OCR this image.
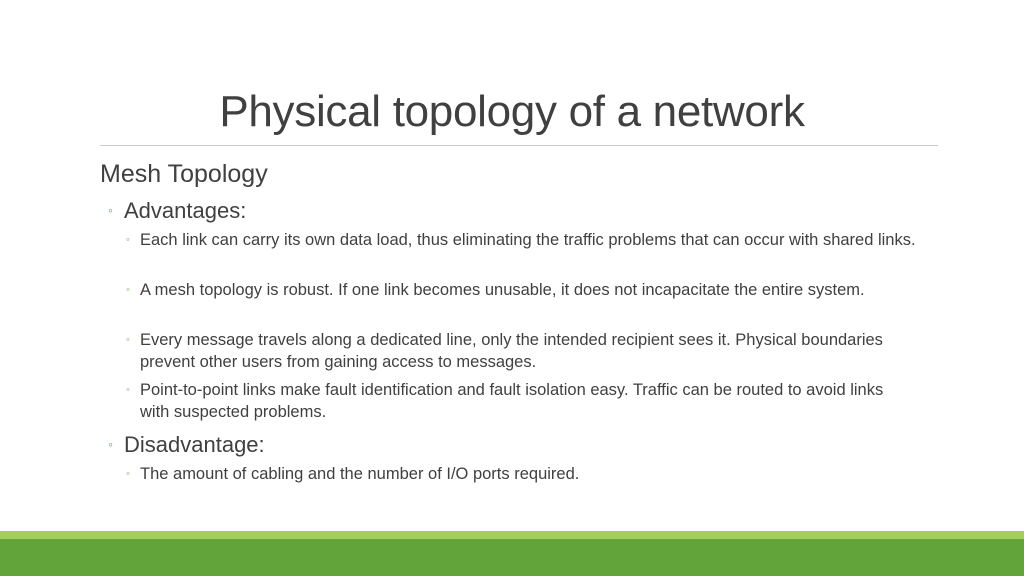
Physical topology of a network
Mesh Topology
◦ Advantages:
◦ Each link can carry its own data load, thus eliminating the traffic problems that can occur with shared links.
◦ A mesh topology is robust. If one link becomes unusable, it does not incapacitate the entire system.
◦ Every message travels along a dedicated line, only the intended recipient sees it. Physical boundaries prevent other users from gaining access to messages.
◦ Point-to-point links make fault identification and fault isolation easy. Traffic can be routed to avoid links with suspected problems.
◦ Disadvantage:
◦ The amount of cabling and the number of I/O ports required.
